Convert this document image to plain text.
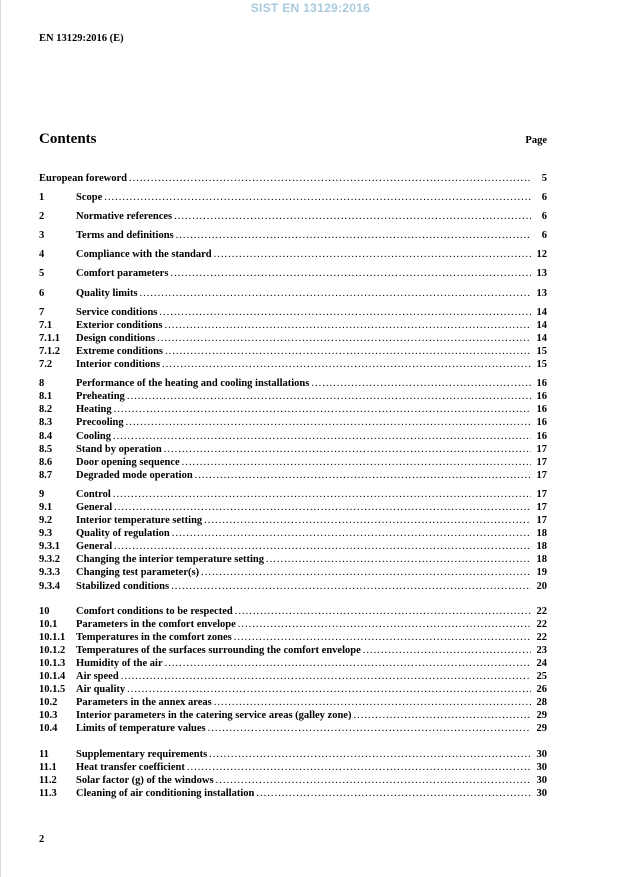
SIST EN 13129:2016
EN 13129:2016 (E)
Contents	Page
European foreword .....	5
1	Scope .....	6
2	Normative references .....	6
3	Terms and definitions .....	6
4	Compliance with the standard .....	12
5	Comfort parameters .....	13
6	Quality limits .....	13
7	Service conditions .....	14
7.1	Exterior conditions .....	14
7.1.1	Design conditions .....	14
7.1.2	Extreme conditions .....	15
7.2	Interior conditions .....	15
8	Performance of the heating and cooling installations .....	16
8.1	Preheating .....	16
8.2	Heating .....	16
8.3	Precooling .....	16
8.4	Cooling .....	16
8.5	Stand by operation .....	17
8.6	Door opening sequence .....	17
8.7	Degraded mode operation .....	17
9	Control .....	17
9.1	General .....	17
9.2	Interior temperature setting .....	17
9.3	Quality of regulation .....	18
9.3.1	General .....	18
9.3.2	Changing the interior temperature setting .....	18
9.3.3	Changing test parameter(s) .....	19
9.3.4	Stabilized conditions .....	20
10	Comfort conditions to be respected .....	22
10.1	Parameters in the comfort envelope .....	22
10.1.1	Temperatures in the comfort zones .....	22
10.1.2	Temperatures of the surfaces surrounding the comfort envelope .....	23
10.1.3	Humidity of the air .....	24
10.1.4	Air speed .....	25
10.1.5	Air quality .....	26
10.2	Parameters in the annex areas .....	28
10.3	Interior parameters in the catering service areas (galley zone) .....	29
10.4	Limits of temperature values .....	29
11	Supplementary requirements .....	30
11.1	Heat transfer coefficient .....	30
11.2	Solar factor (g) of the windows .....	30
11.3	Cleaning of air conditioning installation .....	30
2
